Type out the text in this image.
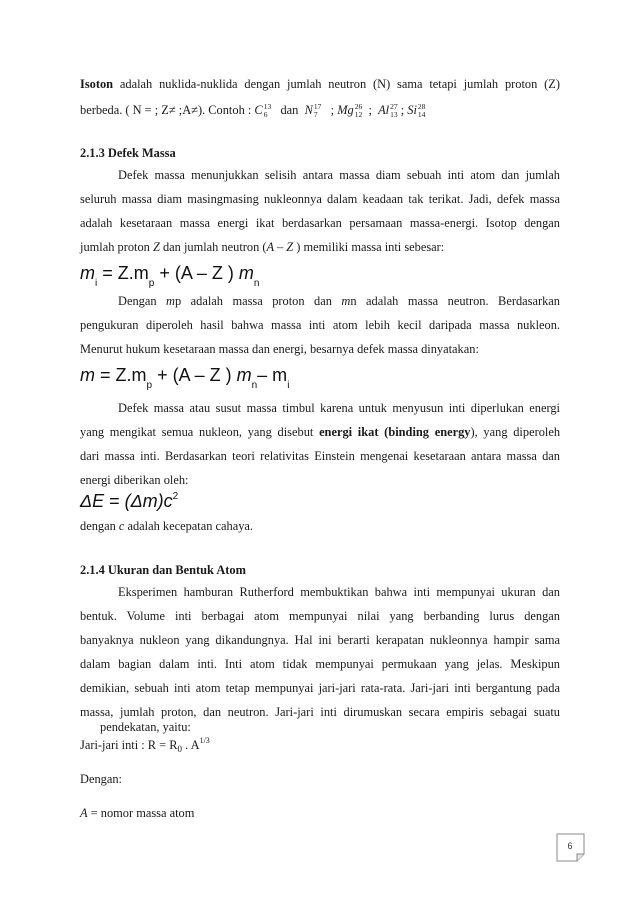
Isoton adalah nuklida-nuklida dengan jumlah neutron (N) sama tetapi jumlah proton (Z)
berbeda. ( N = ; Z≠ ;A≠). Contoh : C13
6 dan N17
7 ; Mg26
12 ; Al27
13 ; Si28
14
2.1.3 Defek Massa
Defek massa menunjukkan selisih antara massa diam sebuah inti atom dan jumlah
seluruh massa diam masingmasing nukleonnya dalam keadaan tak terikat. Jadi, defek massa
adalah kesetaraan massa energi ikat berdasarkan persamaan massa-energi. Isotop dengan
jumlah proton Z dan jumlah neutron (A – Z ) memiliki massa inti sebesar:
$m_i = Z.m_p + (A - Z$ ) $m_n$
Dengan mp adalah massa proton dan mn adalah massa neutron. Berdasarkan
pengukuran diperoleh hasil bahwa massa inti atom lebih kecil daripada massa nukleon.
Menurut hukum kesetaraan massa dan energi, besarnya defek massa dinyatakan:
$m = Z.m_p + (A - Z$ ) $m_n-$ $m_i$
Defek massa atau susut massa timbul karena untuk menyusun inti diperlukan energi
yang mengikat semua nukleon, yang disebut energi ikat (binding energy), yang diperoleh
dari massa inti. Berdasarkan teori relativitas Einstein mengenai kesetaraan antara massa dan
energi diberikan oleh:
$\Delta E = (\Delta m)c^2$
dengan c adalah kecepatan cahaya.
2.1.4 Ukuran dan Bentuk Atom
Eksperimen hamburan Rutherford membuktikan bahwa inti mempunyai ukuran dan
bentuk. Volume inti berbagai atom mempunyai nilai yang berbanding lurus dengan
banyaknya nukleon yang dikandungnya. Hal ini berarti kerapatan nukleonnya hampir sama
dalam bagian dalam inti. Inti atom tidak mempunyai permukaan yang jelas. Meskipun
demikian, sebuah inti atom tetap mempunyai jari-jari rata-rata. Jari-jari inti bergantung pada
massa, jumlah proton, dan neutron. Jari-jari inti dirumuskan secara empiris sebagai suatu
pendekatan, yaitu:
Jari-jari inti : $R = R_0$ . $A^{1/3}$
Dengan:
A = nomor massa atom
6
